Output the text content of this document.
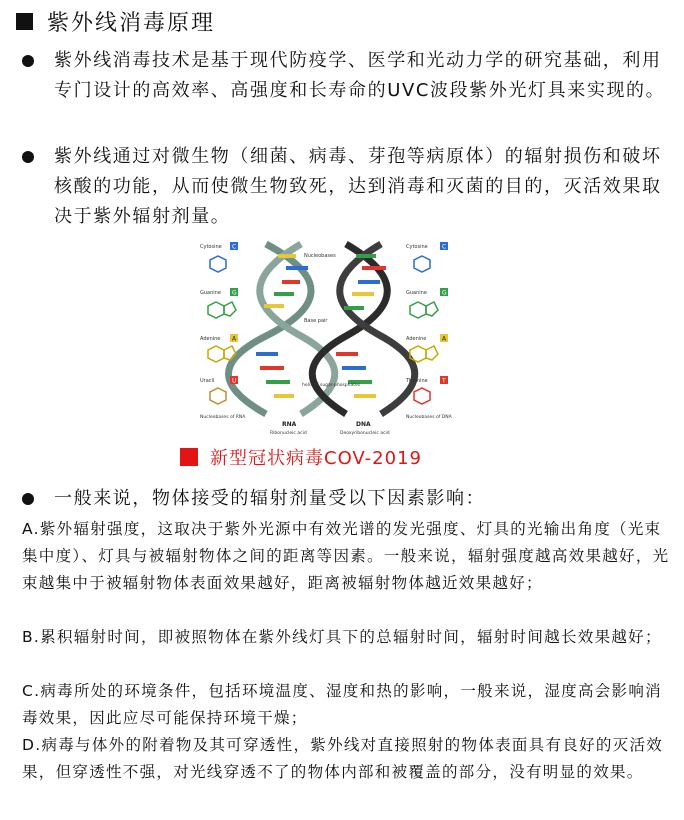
紫外线消毒原理
紫外线消毒技术是基于现代防疫学、医学和光动力学的研究基础，利用专门设计的高效率、高强度和长寿命的UVC波段紫外光灯具来实现的。
紫外线通过对微生物（细菌、病毒、芽孢等病原体）的辐射损伤和破坏核酸的功能，从而使微生物致死，达到消毒和灭菌的目的，灭活效果取决于紫外辐射剂量。
Nucleobases
Base pair
helix of sugar-phosphates
RNA
Ribonucleic acid
DNA
Deoxyribonucleic acid
Cytosine C
Guanine G
Adenine A
Uracil	U
Nucleobases of RNA
Cytosine C
Guanine	G
Adenine	A
Thymine T
Nucleobases of DNA
新型冠状病毒COV-2019
一般来说，物体接受的辐射剂量受以下因素影响：
A.紫外辐射强度，这取决于紫外光源中有效光谱的发光强度、灯具的光输出角度（光束集中度）、灯具与被辐射物体之间的距离等因素。一般来说，辐射强度越高效果越好，光束越集中于被辐射物体表面效果越好，距离被辐射物体越近效果越好；
B.累积辐射时间，即被照物体在紫外线灯具下的总辐射时间，辐射时间越长效果越好；
C.病毒所处的环境条件，包括环境温度、湿度和热的影响，一般来说，湿度高会影响消毒效果，因此应尽可能保持环境干燥；
D.病毒与体外的附着物及其可穿透性，紫外线对直接照射的物体表面具有良好的灭活效果，但穿透性不强，对光线穿透不了的物体内部和被覆盖的部分，没有明显的效果。
